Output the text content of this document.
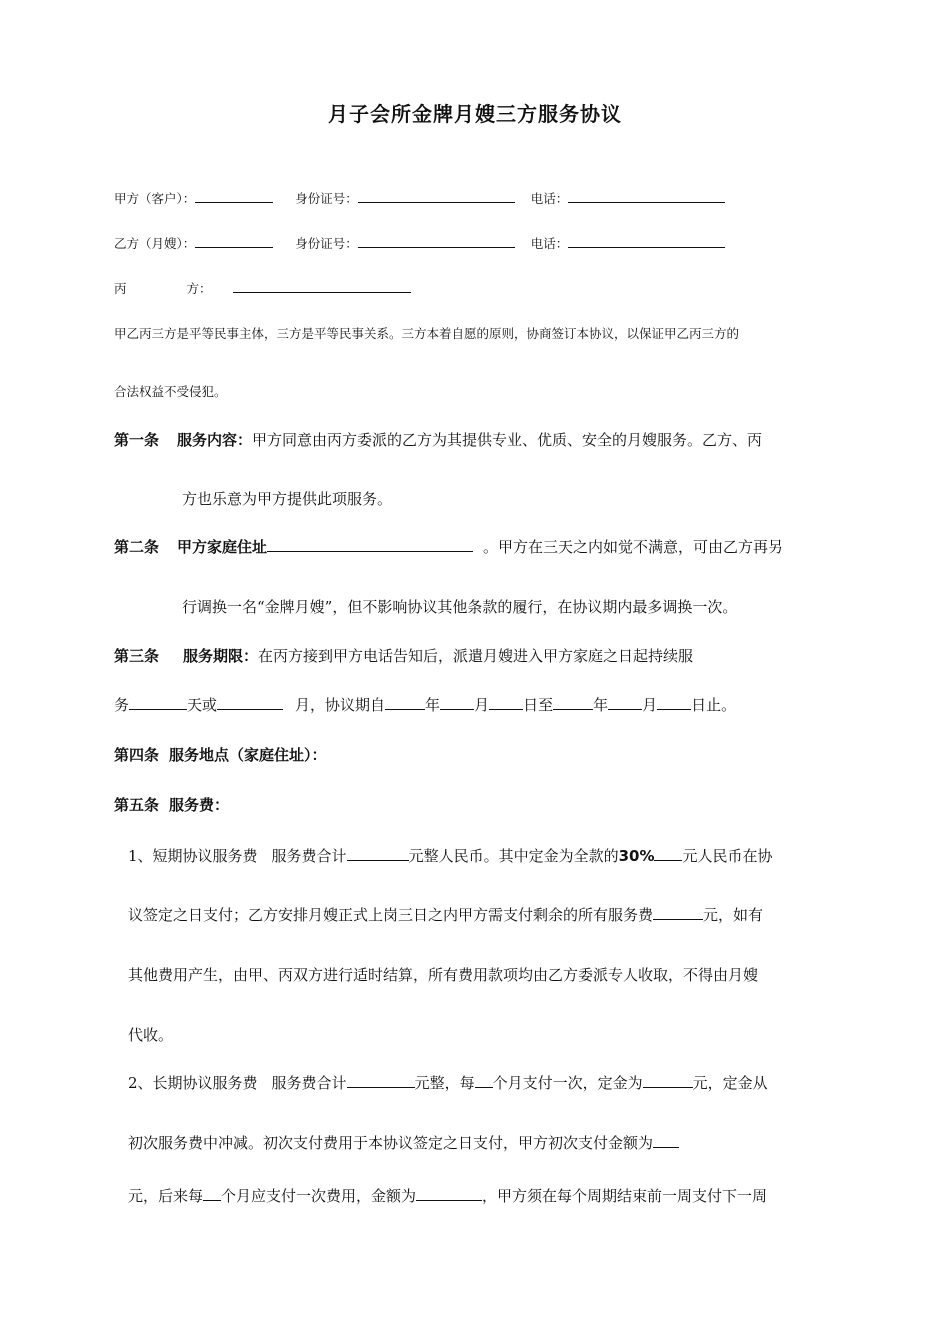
月子会所金牌月嫂三方服务协议
甲方（客户）：	身份证号：	电话：
乙方（月嫂）：	身份证号：	电话：
丙	方：
甲乙丙三方是平等民事主体，三方是平等民事关系。三方本着自愿的原则，协商签订本协议，以保证甲乙丙三方的
合法权益不受侵犯。
第一条 服务内容：甲方同意由丙方委派的乙方为其提供专业、优质、安全的月嫂服务。乙方、丙
方也乐意为甲方提供此项服务。
第二条 甲方家庭住址	。甲方在三天之内如觉不满意，可由乙方再另
行调换一名“金牌月嫂”，但不影响协议其他条款的履行，在协议期内最多调换一次。
第三条 服务期限：在丙方接到甲方电话告知后，派遣月嫂进入甲方家庭之日起持续服
务	天或	月，协议期自	年 月 日至	年 月 日止。
第四条 服务地点（家庭住址）：
第五条 服务费：
1、短期协议服务费 服务费合计	元整人民币。其中定金为全款的30% 元人民币在协
议签定之日支付；乙方安排月嫂正式上岗三日之内甲方需支付剩余的所有服务费	元，如有
其他费用产生，由甲、丙双方进行适时结算，所有费用款项均由乙方委派专人收取，不得由月嫂
代收。
2、长期协议服务费 服务费合计	元整，每 个月支付一次，定金为	元，定金从
初次服务费中冲减。初次支付费用于本协议签定之日支付，甲方初次支付金额为
元，后来每 个月应支付一次费用，金额为	，甲方须在每个周期结束前一周支付下一周
